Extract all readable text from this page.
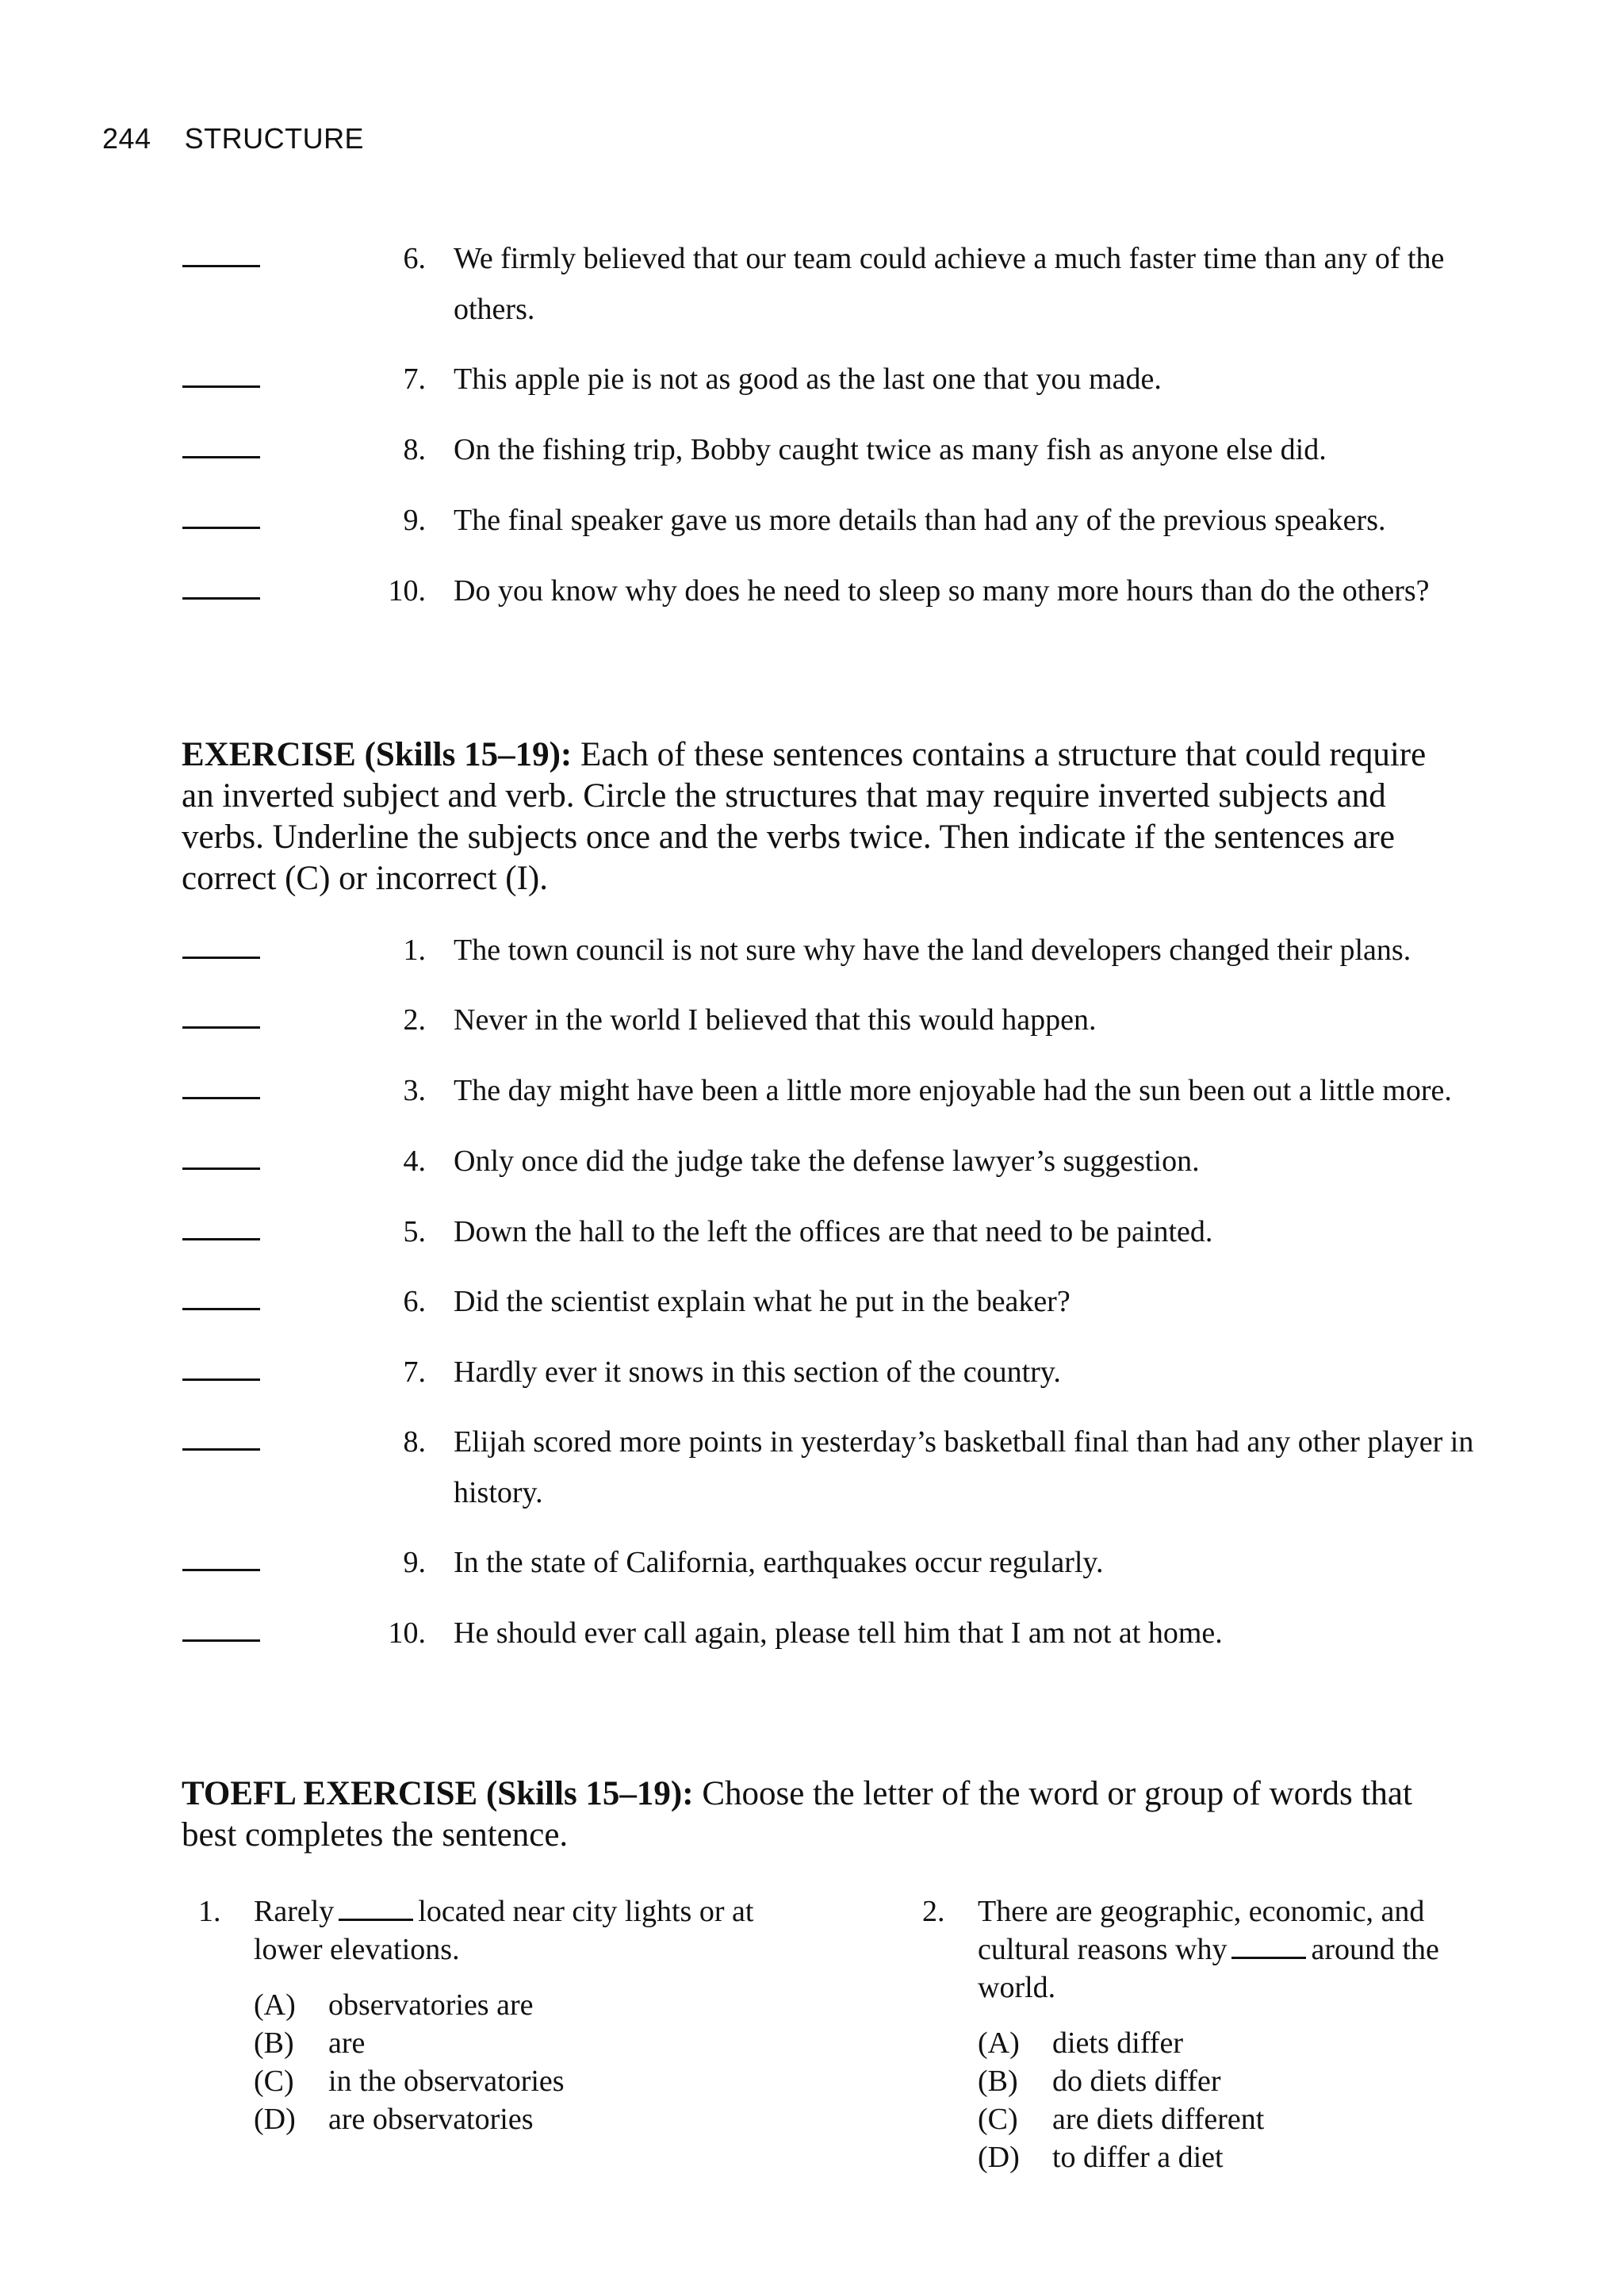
244 STRUCTURE
6. We firmly believed that our team could achieve a much faster time than any of the
others.
7. This apple pie is not as good as the last one that you made.
8. On the fishing trip, Bobby caught twice as many fish as anyone else did.
9. The final speaker gave us more details than had any of the previous speakers.
10. Do you know why does he need to sleep so many more hours than do the others?
EXERCISE (Skills 15–19): Each of these sentences contains a structure that could require
an inverted subject and verb. Circle the structures that may require inverted subjects and
verbs. Underline the subjects once and the verbs twice. Then indicate if the sentences are
correct (C) or incorrect (I).
1. The town council is not sure why have the land developers changed their plans.
2. Never in the world I believed that this would happen.
3. The day might have been a little more enjoyable had the sun been out a little more.
4. Only once did the judge take the defense lawyer’s suggestion.
5. Down the hall to the left the offices are that need to be painted.
6. Did the scientist explain what he put in the beaker?
7. Hardly ever it snows in this section of the country.
8. Elijah scored more points in yesterday’s basketball final than had any other player in
history.
9. In the state of California, earthquakes occur regularly.
10. He should ever call again, please tell him that I am not at home.
TOEFL EXERCISE (Skills 15–19): Choose the letter of the word or group of words that
best completes the sentence.
1. Rarely	located near city lights or at
lower elevations.
(A) observatories are
(B) are
(C) in the observatories
(D) are observatories
2. There are geographic, economic, and
cultural reasons why	around the
world.
(A) diets differ
(B) do diets differ
(C) are diets different
(D) to differ a diet
